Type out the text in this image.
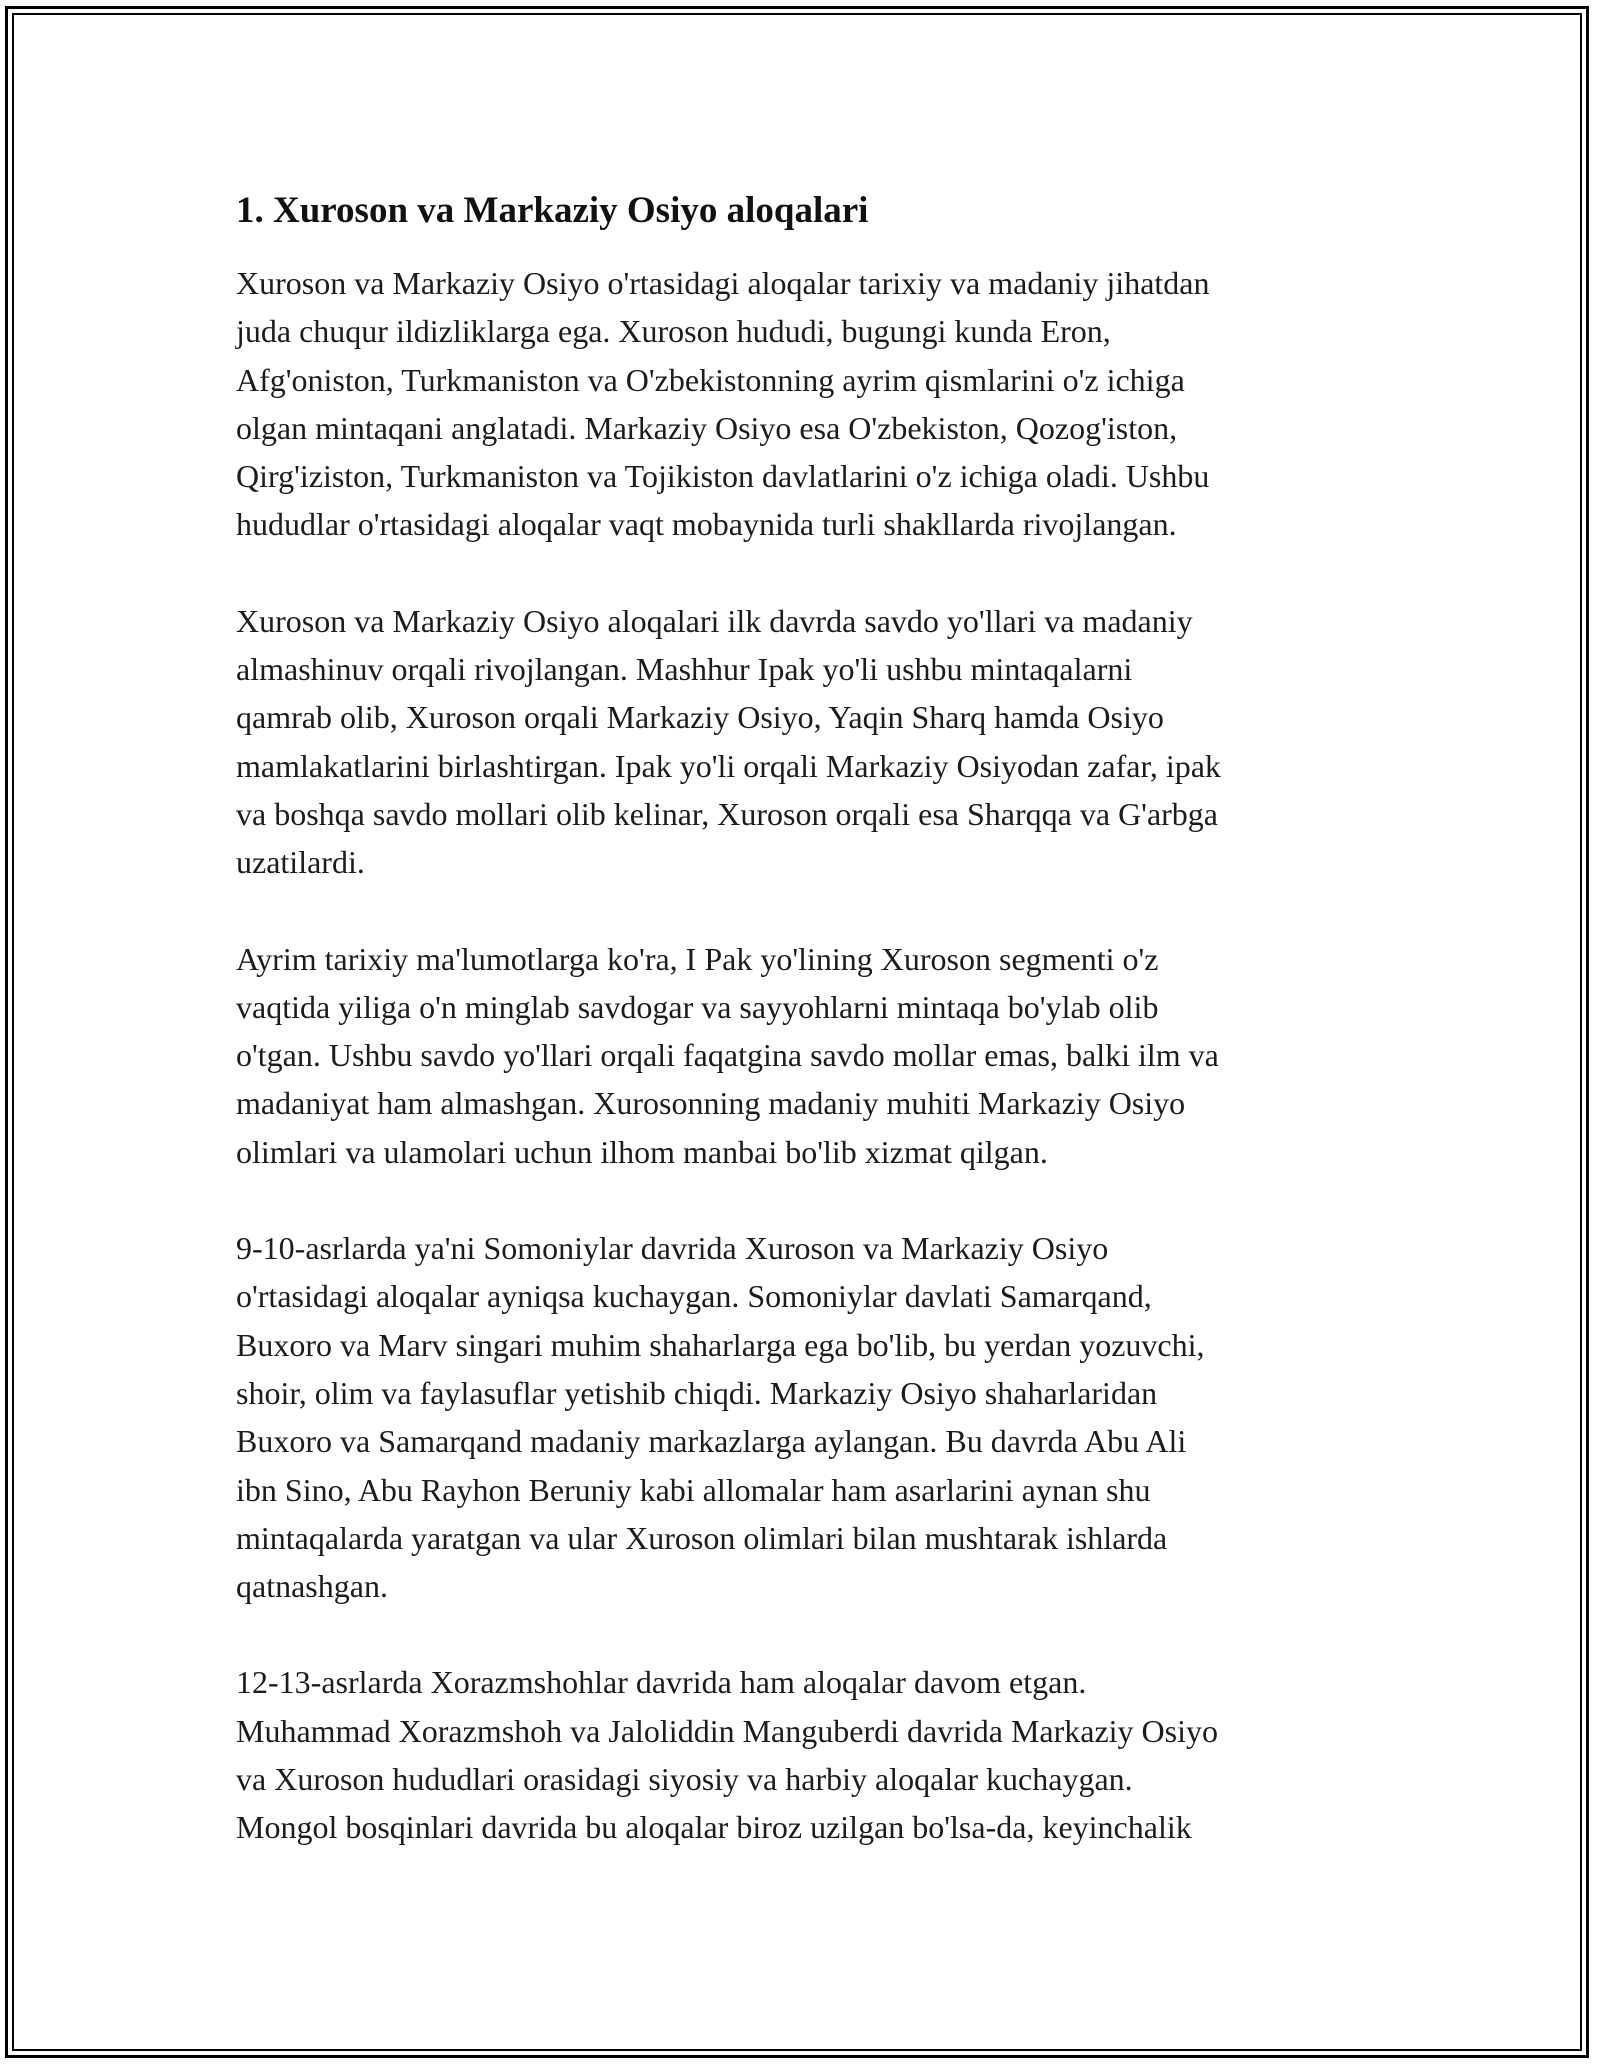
1. Xuroson va Markaziy Osiyo aloqalari

Xuroson va Markaziy Osiyo o'rtasidagi aloqalar tarixiy va madaniy jihatdan
juda chuqur ildizliklarga ega. Xuroson hududi, bugungi kunda Eron,
Afg'oniston, Turkmaniston va O'zbekistonning ayrim qismlarini o'z ichiga
olgan mintaqani anglatadi. Markaziy Osiyo esa O'zbekiston, Qozog'iston,
Qirg'iziston, Turkmaniston va Tojikiston davlatlarini o'z ichiga oladi. Ushbu
hududlar o'rtasidagi aloqalar vaqt mobaynida turli shakllarda rivojlangan.

Xuroson va Markaziy Osiyo aloqalari ilk davrda savdo yo'llari va madaniy
almashinuv orqali rivojlangan. Mashhur Ipak yo'li ushbu mintaqalarni
qamrab olib, Xuroson orqali Markaziy Osiyo, Yaqin Sharq hamda Osiyo
mamlakatlarini birlashtirgan. Ipak yo'li orqali Markaziy Osiyodan zafar, ipak
va boshqa savdo mollari olib kelinar, Xuroson orqali esa Sharqqa va G'arbga
uzatilardi.

Ayrim tarixiy ma'lumotlarga ko'ra, I Pak yo'lining Xuroson segmenti o'z
vaqtida yiliga o'n minglab savdogar va sayyohlarni mintaqa bo'ylab olib
o'tgan. Ushbu savdo yo'llari orqali faqatgina savdo mollar emas, balki ilm va
madaniyat ham almashgan. Xurosonning madaniy muhiti Markaziy Osiyo
olimlari va ulamolari uchun ilhom manbai bo'lib xizmat qilgan.

9-10-asrlarda ya'ni Somoniylar davrida Xuroson va Markaziy Osiyo
o'rtasidagi aloqalar ayniqsa kuchaygan. Somoniylar davlati Samarqand,
Buxoro va Marv singari muhim shaharlarga ega bo'lib, bu yerdan yozuvchi,
shoir, olim va faylasuflar yetishib chiqdi. Markaziy Osiyo shaharlaridan
Buxoro va Samarqand madaniy markazlarga aylangan. Bu davrda Abu Ali
ibn Sino, Abu Rayhon Beruniy kabi allomalar ham asarlarini aynan shu
mintaqalarda yaratgan va ular Xuroson olimlari bilan mushtarak ishlarda
qatnashgan.

12-13-asrlarda Xorazmshohlar davrida ham aloqalar davom etgan.
Muhammad Xorazmshoh va Jaloliddin Manguberdi davrida Markaziy Osiyo
va Xuroson hududlari orasidagi siyosiy va harbiy aloqalar kuchaygan.
Mongol bosqinlari davrida bu aloqalar biroz uzilgan bo'lsa-da, keyinchalik
